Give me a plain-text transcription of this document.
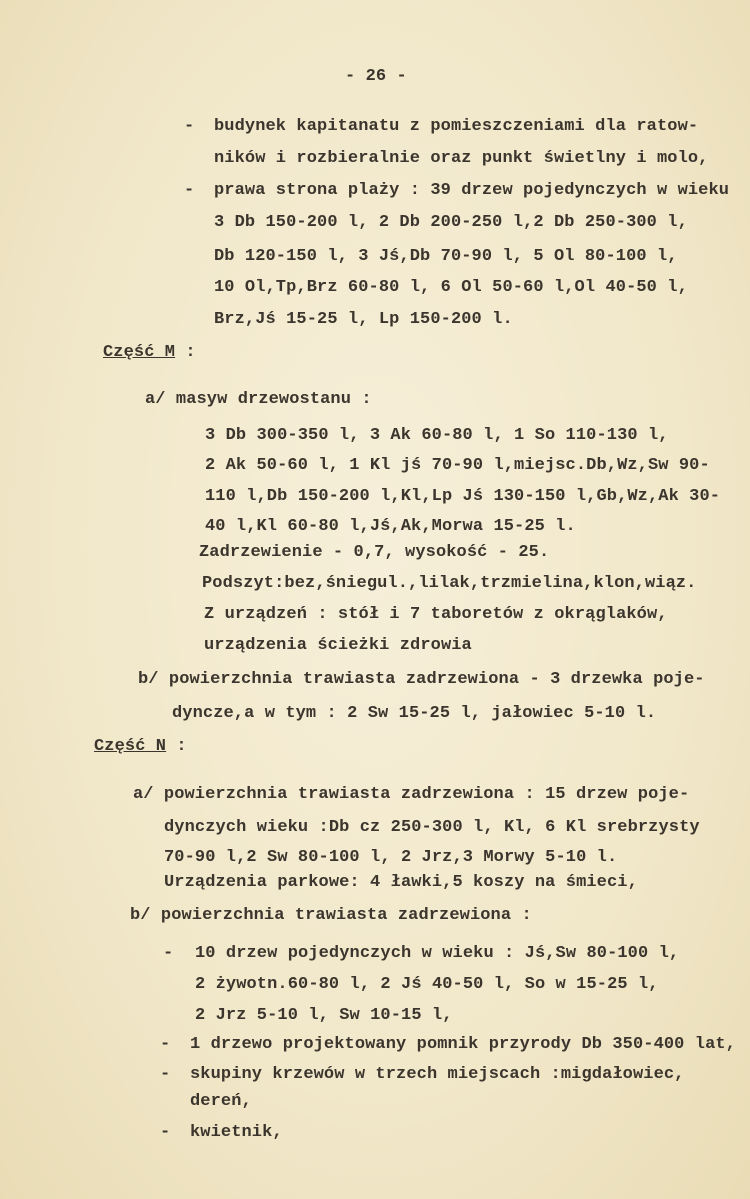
- 26 -
- budynek kapitanatu z pomieszczeniami dla ratow-
ników i rozbieralnie oraz punkt świetlny i molo,
- prawa strona plaży : 39 drzew pojedynczych w wieku
3 Db 150-200 l, 2 Db 200-250 l,2 Db 250-300 l,
Db 120-150 l, 3 Jś,Db 70-90 l, 5 Ol 80-100 l,
10 Ol,Tp,Brz 60-80 l, 6 Ol 50-60 l,Ol 40-50 l,
Brz,Jś 15-25 l, Lp 150-200 l.
Część M :
a/ masyw drzewostanu :
3 Db 300-350 l, 3 Ak 60-80 l, 1 So 110-130 l,
2 Ak 50-60 l, 1 Kl jś 70-90 l,miejsc.Db,Wz,Sw 90-
110 l,Db 150-200 l,Kl,Lp Jś 130-150 l,Gb,Wz,Ak 30-
40 l,Kl 60-80 l,Jś,Ak,Morwa 15-25 l.
Zadrzewienie - 0,7, wysokość - 25.
Podszyt:bez,śniegul.,lilak,trzmielina,klon,wiąz.
Z urządzeń : stół i 7 taboretów z okrąglaków,
urządzenia ścieżki zdrowia
b/ powierzchnia trawiasta zadrzewiona - 3 drzewka poje-
dyncze,a w tym : 2 Sw 15-25 l, jałowiec 5-10 l.
Część N :
a/ powierzchnia trawiasta zadrzewiona : 15 drzew poje-
dynczych wieku :Db cz 250-300 l, Kl, 6 Kl srebrzysty
70-90 l,2 Sw 80-100 l, 2 Jrz,3 Morwy 5-10 l.
Urządzenia parkowe: 4 ławki,5 koszy na śmieci,
b/ powierzchnia trawiasta zadrzewiona :
- 10 drzew pojedynczych w wieku : Jś,Sw 80-100 l,
2 żywotn.60-80 l, 2 Jś 40-50 l, So w 15-25 l,
2 Jrz 5-10 l, Sw 10-15 l,
- 1 drzewo projektowany pomnik przyrody Db 350-400 lat,
- skupiny krzewów w trzech miejscach :migdałowiec,
dereń,
- kwietnik,
